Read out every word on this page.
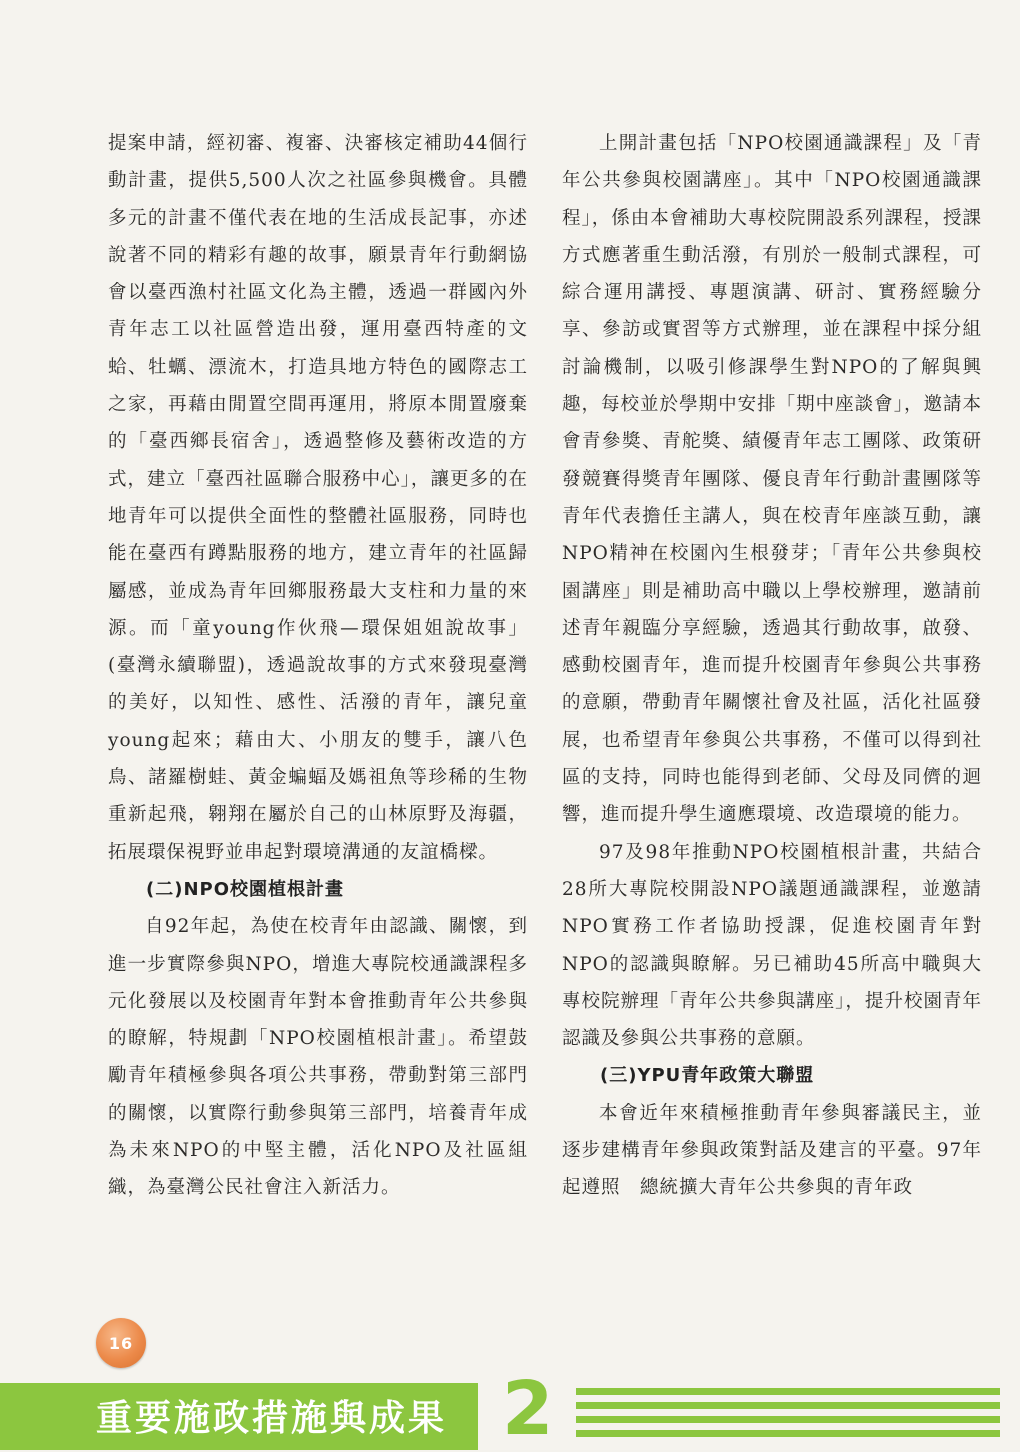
提案申請，經初審、複審、決審核定補助44個行動計畫，提供5,500人次之社區參與機會。具體多元的計畫不僅代表在地的生活成長記事，亦述說著不同的精彩有趣的故事，願景青年行動網協會以臺西漁村社區文化為主體，透過一群國內外青年志工以社區營造出發，運用臺西特產的文蛤、牡蠣、漂流木，打造具地方特色的國際志工之家，再藉由閒置空間再運用，將原本閒置廢棄的「臺西鄉長宿舍」，透過整修及藝術改造的方式，建立「臺西社區聯合服務中心」，讓更多的在地青年可以提供全面性的整體社區服務，同時也能在臺西有蹲點服務的地方，建立青年的社區歸屬感，並成為青年回鄉服務最大支柱和力量的來源。而「童young作伙飛—環保姐姐說故事」(臺灣永續聯盟)，透過說故事的方式來發現臺灣的美好，以知性、感性、活潑的青年，讓兒童young起來；藉由大、小朋友的雙手，讓八色鳥、諸羅樹蛙、黃金蝙蝠及媽祖魚等珍稀的生物重新起飛，翱翔在屬於自己的山林原野及海疆，拓展環保視野並串起對環境溝通的友誼橋樑。

(二)NPO校園植根計畫

自92年起，為使在校青年由認識、關懷，到進一步實際參與NPO，增進大專院校通識課程多元化發展以及校園青年對本會推動青年公共參與的瞭解，特規劃「NPO校園植根計畫」。希望鼓勵青年積極參與各項公共事務，帶動對第三部門的關懷，以實際行動參與第三部門，培養青年成為未來NPO的中堅主體，活化NPO及社區組織，為臺灣公民社會注入新活力。

上開計畫包括「NPO校園通識課程」及「青年公共參與校園講座」。其中「NPO校園通識課程」，係由本會補助大專校院開設系列課程，授課方式應著重生動活潑，有別於一般制式課程，可綜合運用講授、專題演講、研討、實務經驗分享、參訪或實習等方式辦理，並在課程中採分組討論機制，以吸引修課學生對NPO的了解與興趣，每校並於學期中安排「期中座談會」，邀請本會青參獎、青舵獎、績優青年志工團隊、政策研發競賽得獎青年團隊、優良青年行動計畫團隊等青年代表擔任主講人，與在校青年座談互動，讓NPO精神在校園內生根發芽；「青年公共參與校園講座」則是補助高中職以上學校辦理，邀請前述青年親臨分享經驗，透過其行動故事，啟發、感動校園青年，進而提升校園青年參與公共事務的意願，帶動青年關懷社會及社區，活化社區發展，也希望青年參與公共事務，不僅可以得到社區的支持，同時也能得到老師、父母及同儕的迴響，進而提升學生適應環境、改造環境的能力。

97及98年推動NPO校園植根計畫，共結合28所大專院校開設NPO議題通識課程，並邀請NPO實務工作者協助授課，促進校園青年對NPO的認識與瞭解。另已補助45所高中職與大專校院辦理「青年公共參與講座」，提升校園青年認識及參與公共事務的意願。

(三)YPU青年政策大聯盟

本會近年來積極推動青年參與審議民主，並逐步建構青年參與政策對話及建言的平臺。97年起遵照　總統擴大青年公共參與的青年政

16
重要施政措施與成果 2
